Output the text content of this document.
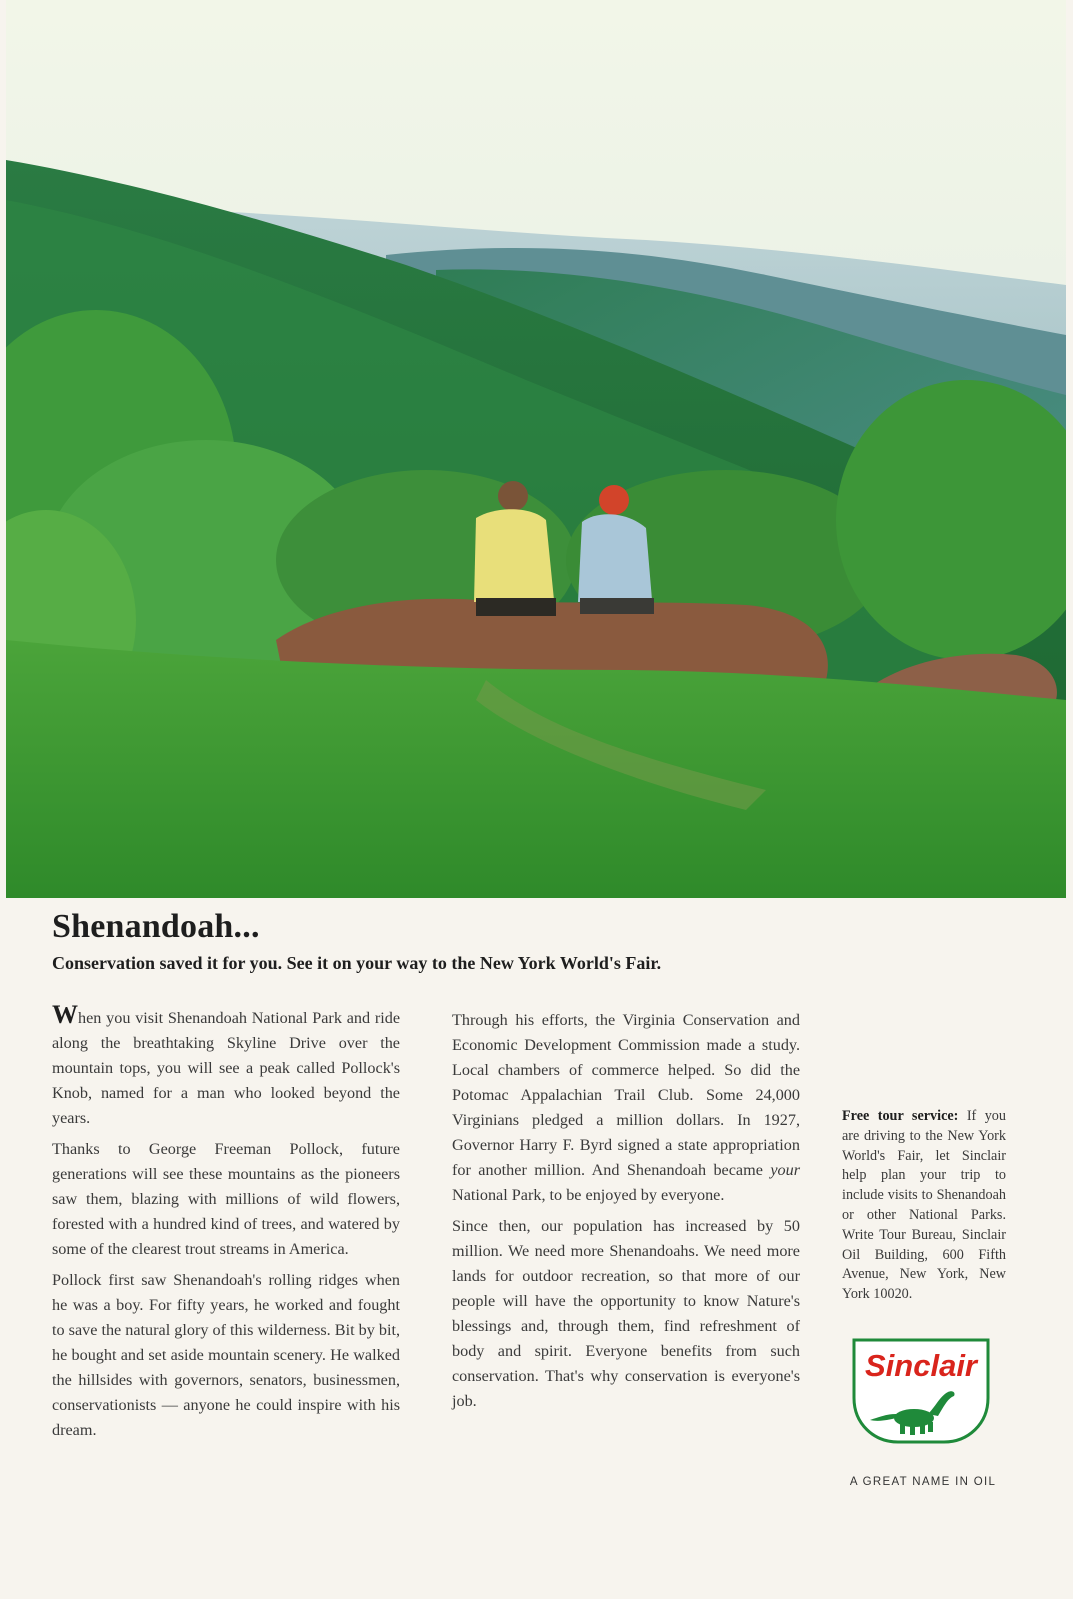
Shenandoah...

Conservation saved it for you. See it on your way to the New York World's Fair.

When you visit Shenandoah National Park and ride along the breathtaking Skyline Drive over the mountain tops, you will see a peak called Pollock's Knob, named for a man who looked beyond the years.

Thanks to George Freeman Pollock, future generations will see these mountains as the pioneers saw them, blazing with millions of wild flowers, forested with a hundred kind of trees, and watered by some of the clearest trout streams in America.

Pollock first saw Shenandoah's rolling ridges when he was a boy. For fifty years, he worked and fought to save the natural glory of this wilderness. Bit by bit, he bought and set aside mountain scenery. He walked the hillsides with governors, senators, businessmen, conservationists — anyone he could inspire with his dream.

Through his efforts, the Virginia Conservation and Economic Development Commission made a study. Local chambers of commerce helped. So did the Potomac Appalachian Trail Club. Some 24,000 Virginians pledged a million dollars. In 1927, Governor Harry F. Byrd signed a state appropriation for another million. And Shenandoah became your National Park, to be enjoyed by everyone.

Since then, our population has increased by 50 million. We need more Shenandoahs. We need more lands for outdoor recreation, so that more of our people will have the opportunity to know Nature's blessings and, through them, find refreshment of body and spirit. Everyone benefits from such conservation. That's why conservation is everyone's job.

Free tour service: If you are driving to the New York World's Fair, let Sinclair help plan your trip to include visits to Shenandoah or other National Parks. Write Tour Bureau, Sinclair Oil Building, 600 Fifth Avenue, New York, New York 10020.
Sinclair
A GREAT NAME IN OIL
